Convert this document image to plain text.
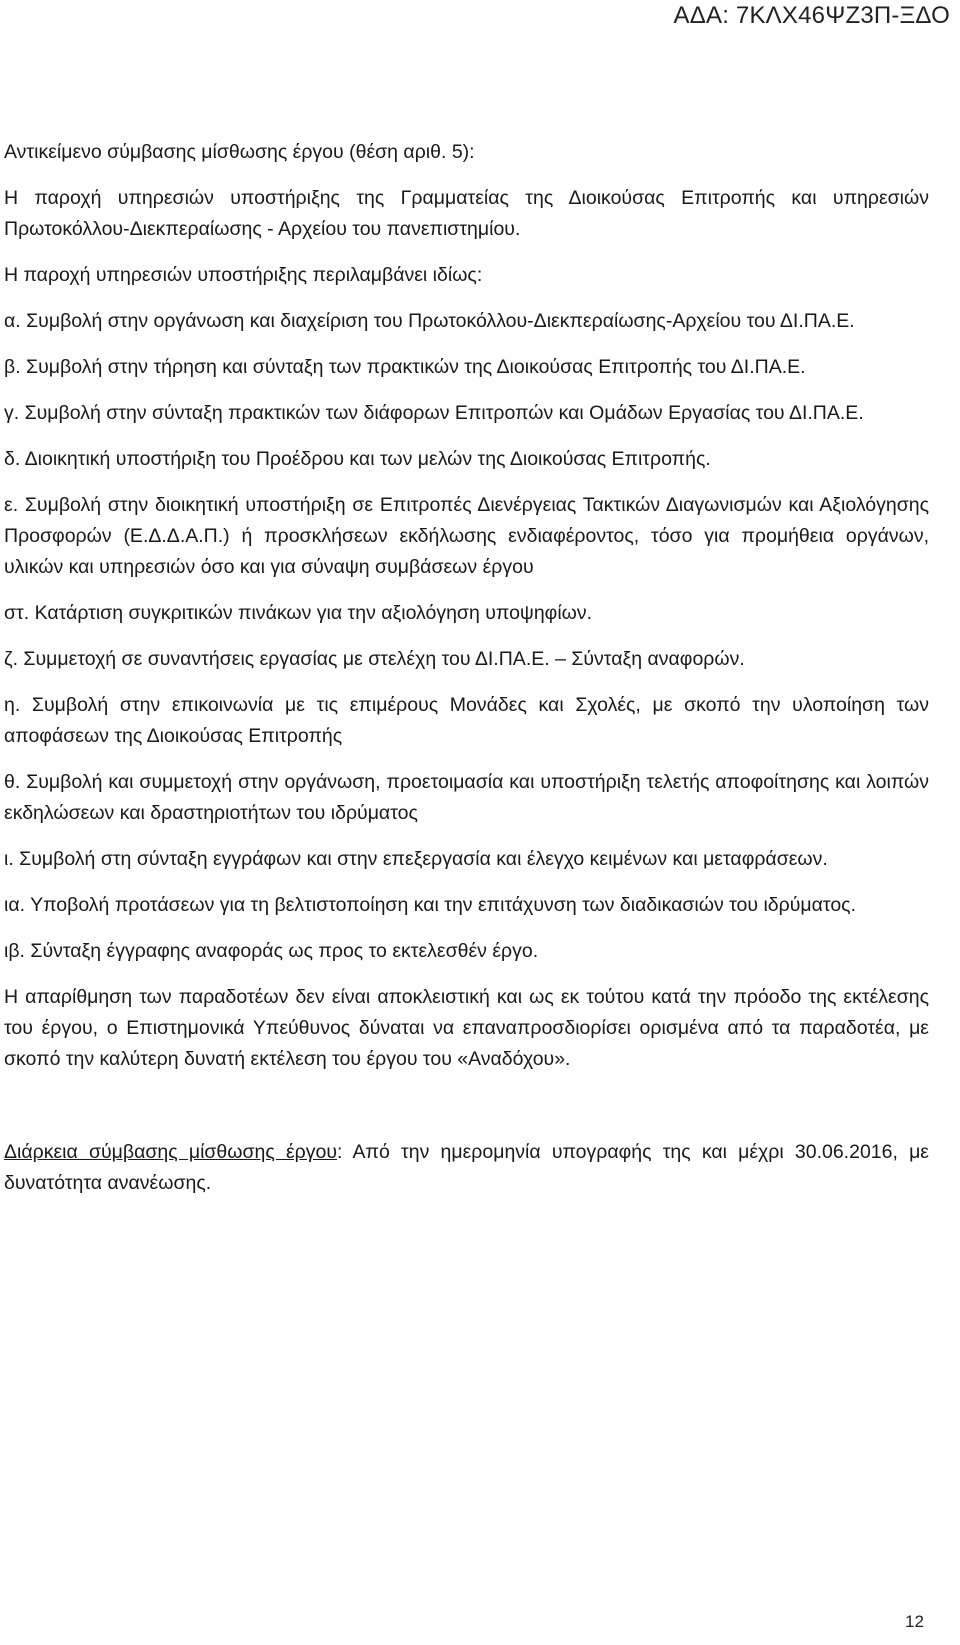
ΑΔΑ: 7ΚΛΧ46ΨΖ3Π-ΞΔΟ

Αντικείμενο σύμβασης μίσθωσης έργου (θέση αριθ. 5):

Η παροχή υπηρεσιών υποστήριξης της Γραμματείας της Διοικούσας Επιτροπής και υπηρεσιών Πρωτοκόλλου-Διεκπεραίωσης - Αρχείου του πανεπιστημίου.

Η παροχή υπηρεσιών υποστήριξης περιλαμβάνει ιδίως:

α. Συμβολή στην οργάνωση και διαχείριση του Πρωτοκόλλου-Διεκπεραίωσης-Αρχείου του ΔΙ.ΠΑ.Ε.

β. Συμβολή στην τήρηση και σύνταξη των πρακτικών της Διοικούσας Επιτροπής του ΔΙ.ΠΑ.Ε.

γ. Συμβολή στην σύνταξη πρακτικών των διάφορων Επιτροπών και Ομάδων Εργασίας του ΔΙ.ΠΑ.Ε.

δ. Διοικητική υποστήριξη του Προέδρου και των μελών της Διοικούσας Επιτροπής.

ε. Συμβολή στην διοικητική υποστήριξη σε Επιτροπές Διενέργειας Τακτικών Διαγωνισμών και Αξιολόγησης Προσφορών (Ε.Δ.Δ.Α.Π.) ή προσκλήσεων εκδήλωσης ενδιαφέροντος, τόσο για προμήθεια οργάνων, υλικών και υπηρεσιών όσο και για σύναψη συμβάσεων έργου

στ. Κατάρτιση συγκριτικών πινάκων για την αξιολόγηση υποψηφίων.

ζ. Συμμετοχή σε συναντήσεις εργασίας με στελέχη του ΔΙ.ΠΑ.Ε. – Σύνταξη αναφορών.

η. Συμβολή στην επικοινωνία με τις επιμέρους Μονάδες και Σχολές, με σκοπό την υλοποίηση των αποφάσεων της Διοικούσας Επιτροπής

θ. Συμβολή και συμμετοχή στην οργάνωση, προετοιμασία και υποστήριξη τελετής αποφοίτησης και λοιπών εκδηλώσεων και δραστηριοτήτων του ιδρύματος

ι. Συμβολή στη σύνταξη εγγράφων και στην επεξεργασία και έλεγχο κειμένων και μεταφράσεων.

ια. Υποβολή προτάσεων για τη βελτιστοποίηση και την επιτάχυνση των διαδικασιών του ιδρύματος.

ιβ. Σύνταξη έγγραφης αναφοράς ως προς το εκτελεσθέν έργο.

Η απαρίθμηση των παραδοτέων δεν είναι αποκλειστική και ως εκ τούτου κατά την πρόοδο της εκτέλεσης του έργου, ο Επιστημονικά Υπεύθυνος δύναται να επαναπροσδιορίσει ορισμένα από τα παραδοτέα, με σκοπό την καλύτερη δυνατή εκτέλεση του έργου του «Αναδόχου».

Διάρκεια σύμβασης μίσθωσης έργου: Από την ημερομηνία υπογραφής της και μέχρι 30.06.2016, με δυνατότητα ανανέωσης.

12
